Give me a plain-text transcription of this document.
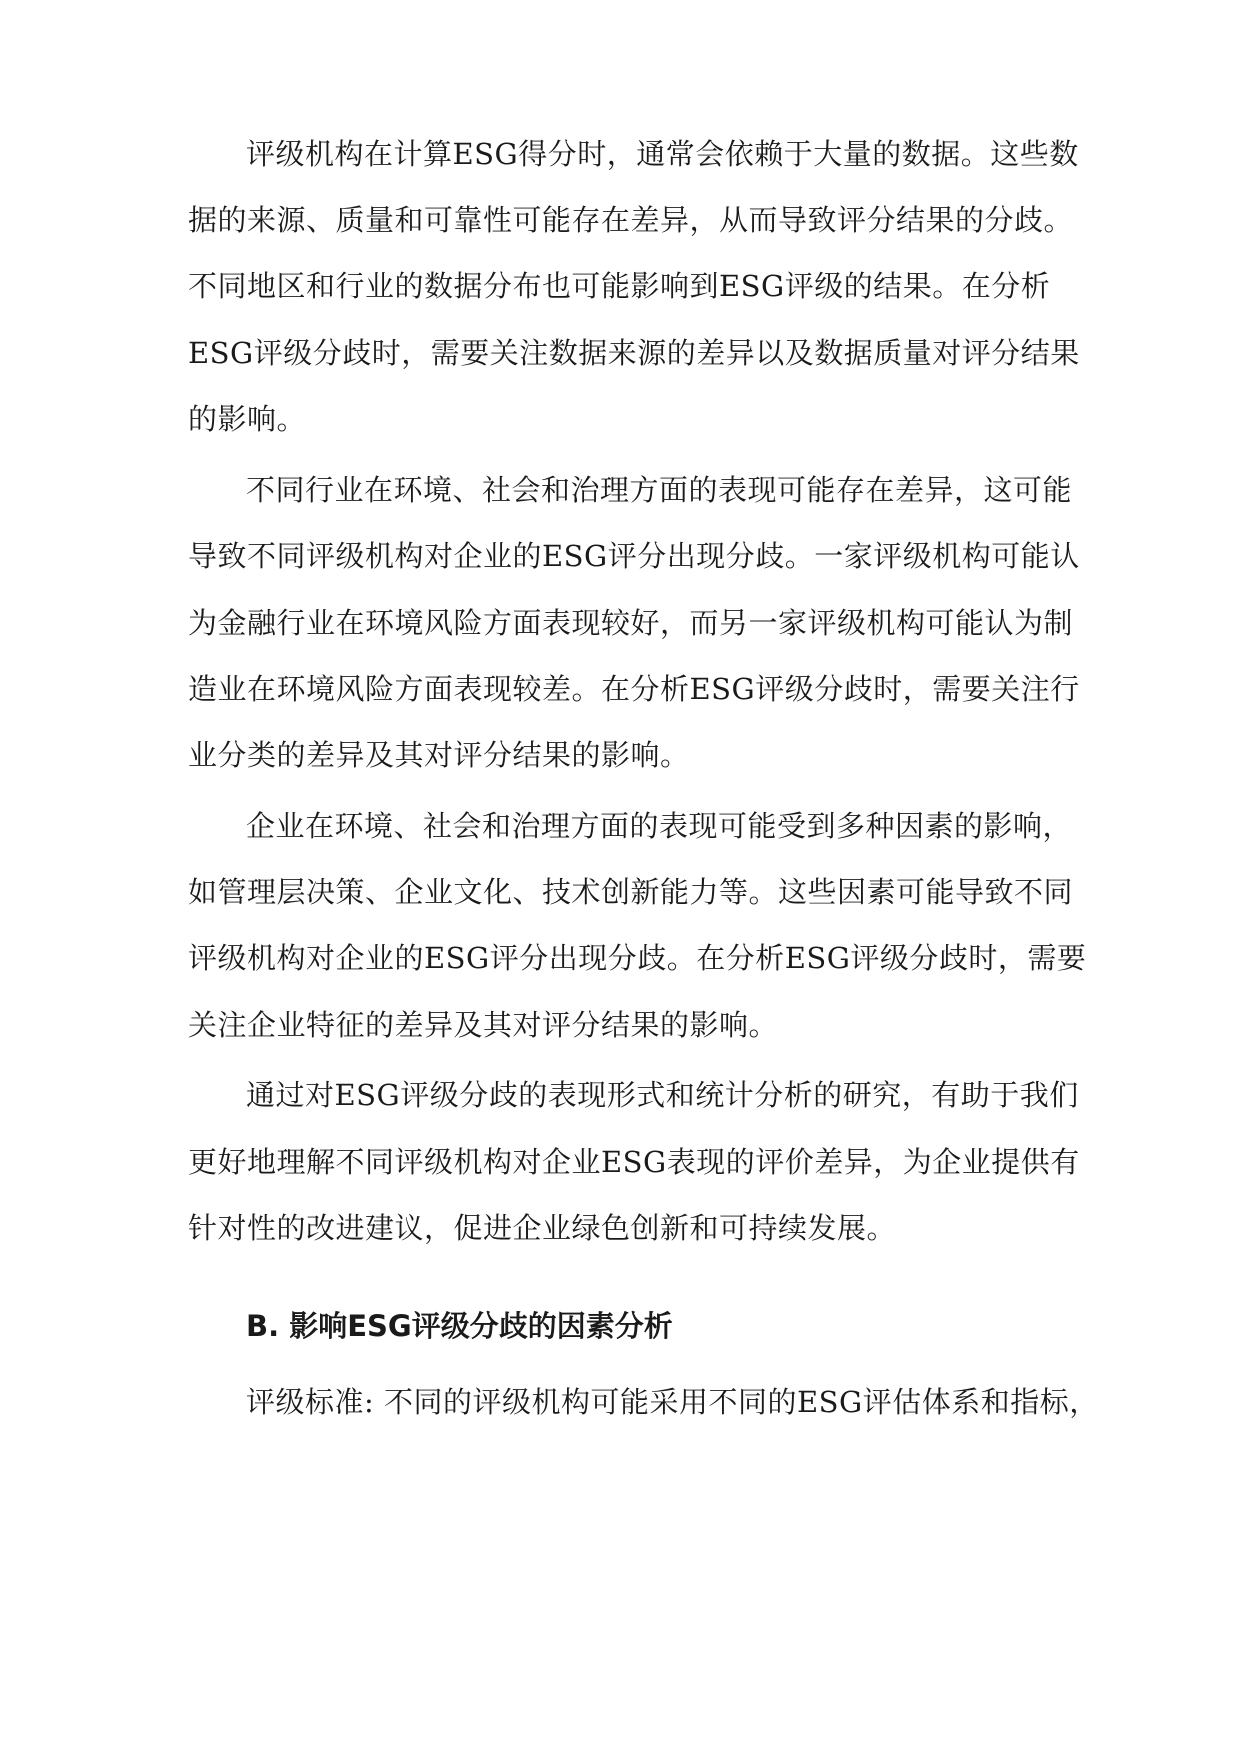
评级机构在计算ESG得分时，通常会依赖于大量的数据。这些数
据的来源、质量和可靠性可能存在差异，从而导致评分结果的分歧。
不同地区和行业的数据分布也可能影响到ESG评级的结果。在分析
ESG评级分歧时，需要关注数据来源的差异以及数据质量对评分结果
的影响。
不同行业在环境、社会和治理方面的表现可能存在差异，这可能
导致不同评级机构对企业的ESG评分出现分歧。一家评级机构可能认
为金融行业在环境风险方面表现较好，而另一家评级机构可能认为制
造业在环境风险方面表现较差。在分析ESG评级分歧时，需要关注行
业分类的差异及其对评分结果的影响。
企业在环境、社会和治理方面的表现可能受到多种因素的影响，
如管理层决策、企业文化、技术创新能力等。这些因素可能导致不同
评级机构对企业的ESG评分出现分歧。在分析ESG评级分歧时，需要
关注企业特征的差异及其对评分结果的影响。
通过对ESG评级分歧的表现形式和统计分析的研究，有助于我们
更好地理解不同评级机构对企业ESG表现的评价差异，为企业提供有
针对性的改进建议，促进企业绿色创新和可持续发展。
B. 影响ESG评级分歧的因素分析
评级标准: 不同的评级机构可能采用不同的ESG评估体系和指标，
